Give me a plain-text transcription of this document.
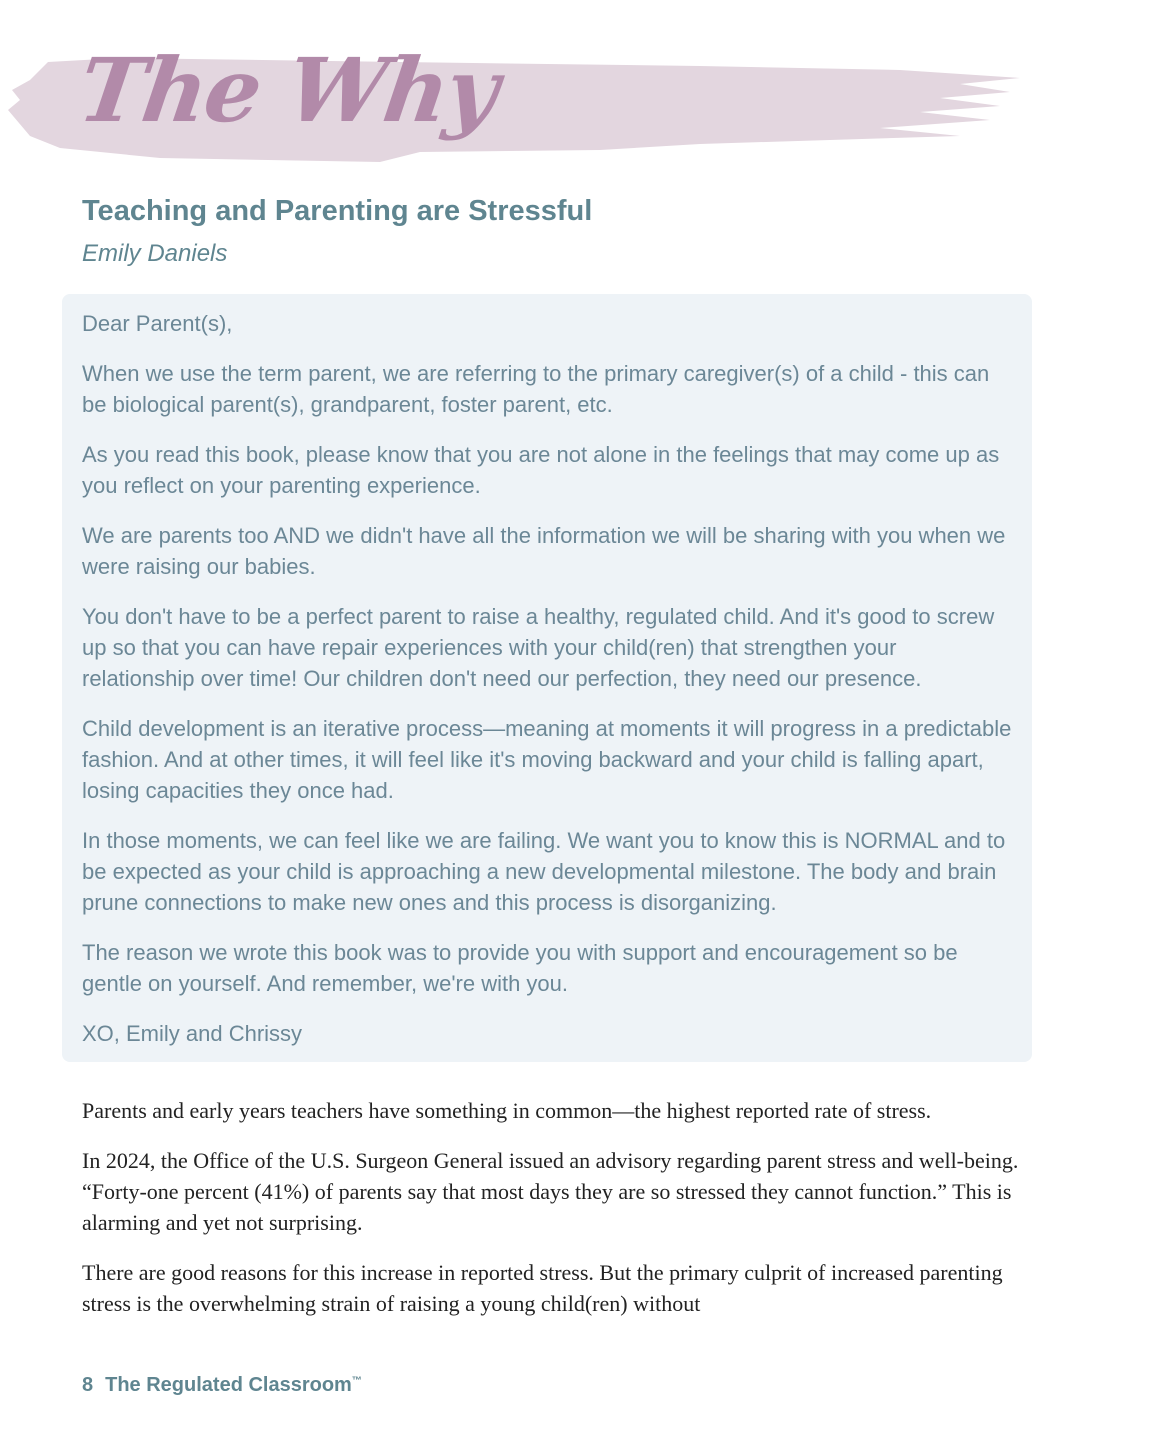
The Why
Teaching and Parenting are Stressful
Emily Daniels

Dear Parent(s),

When we use the term parent, we are referring to the primary caregiver(s) of a child - this can be biological parent(s), grandparent, foster parent, etc.

As you read this book, please know that you are not alone in the feelings that may come up as you reflect on your parenting experience.

We are parents too AND we didn't have all the information we will be sharing with you when we were raising our babies.

You don't have to be a perfect parent to raise a healthy, regulated child. And it's good to screw up so that you can have repair experiences with your child(ren) that strengthen your relationship over time! Our children don't need our perfection, they need our presence.

Child development is an iterative process—meaning at moments it will progress in a predictable fashion. And at other times, it will feel like it's moving backward and your child is falling apart, losing capacities they once had.

In those moments, we can feel like we are failing. We want you to know this is NORMAL and to be expected as your child is approaching a new developmental milestone. The body and brain prune connections to make new ones and this process is disorganizing.

The reason we wrote this book was to provide you with support and encouragement so be gentle on yourself. And remember, we're with you.

XO, Emily and Chrissy

Parents and early years teachers have something in common—the highest reported rate of stress.

In 2024, the Office of the U.S. Surgeon General issued an advisory regarding parent stress and well-being. “Forty-one percent (41%) of parents say that most days they are so stressed they cannot function.” This is alarming and yet not surprising.

There are good reasons for this increase in reported stress. But the primary culprit of increased parenting stress is the overwhelming strain of raising a young child(ren) without

8 The Regulated Classroom™
